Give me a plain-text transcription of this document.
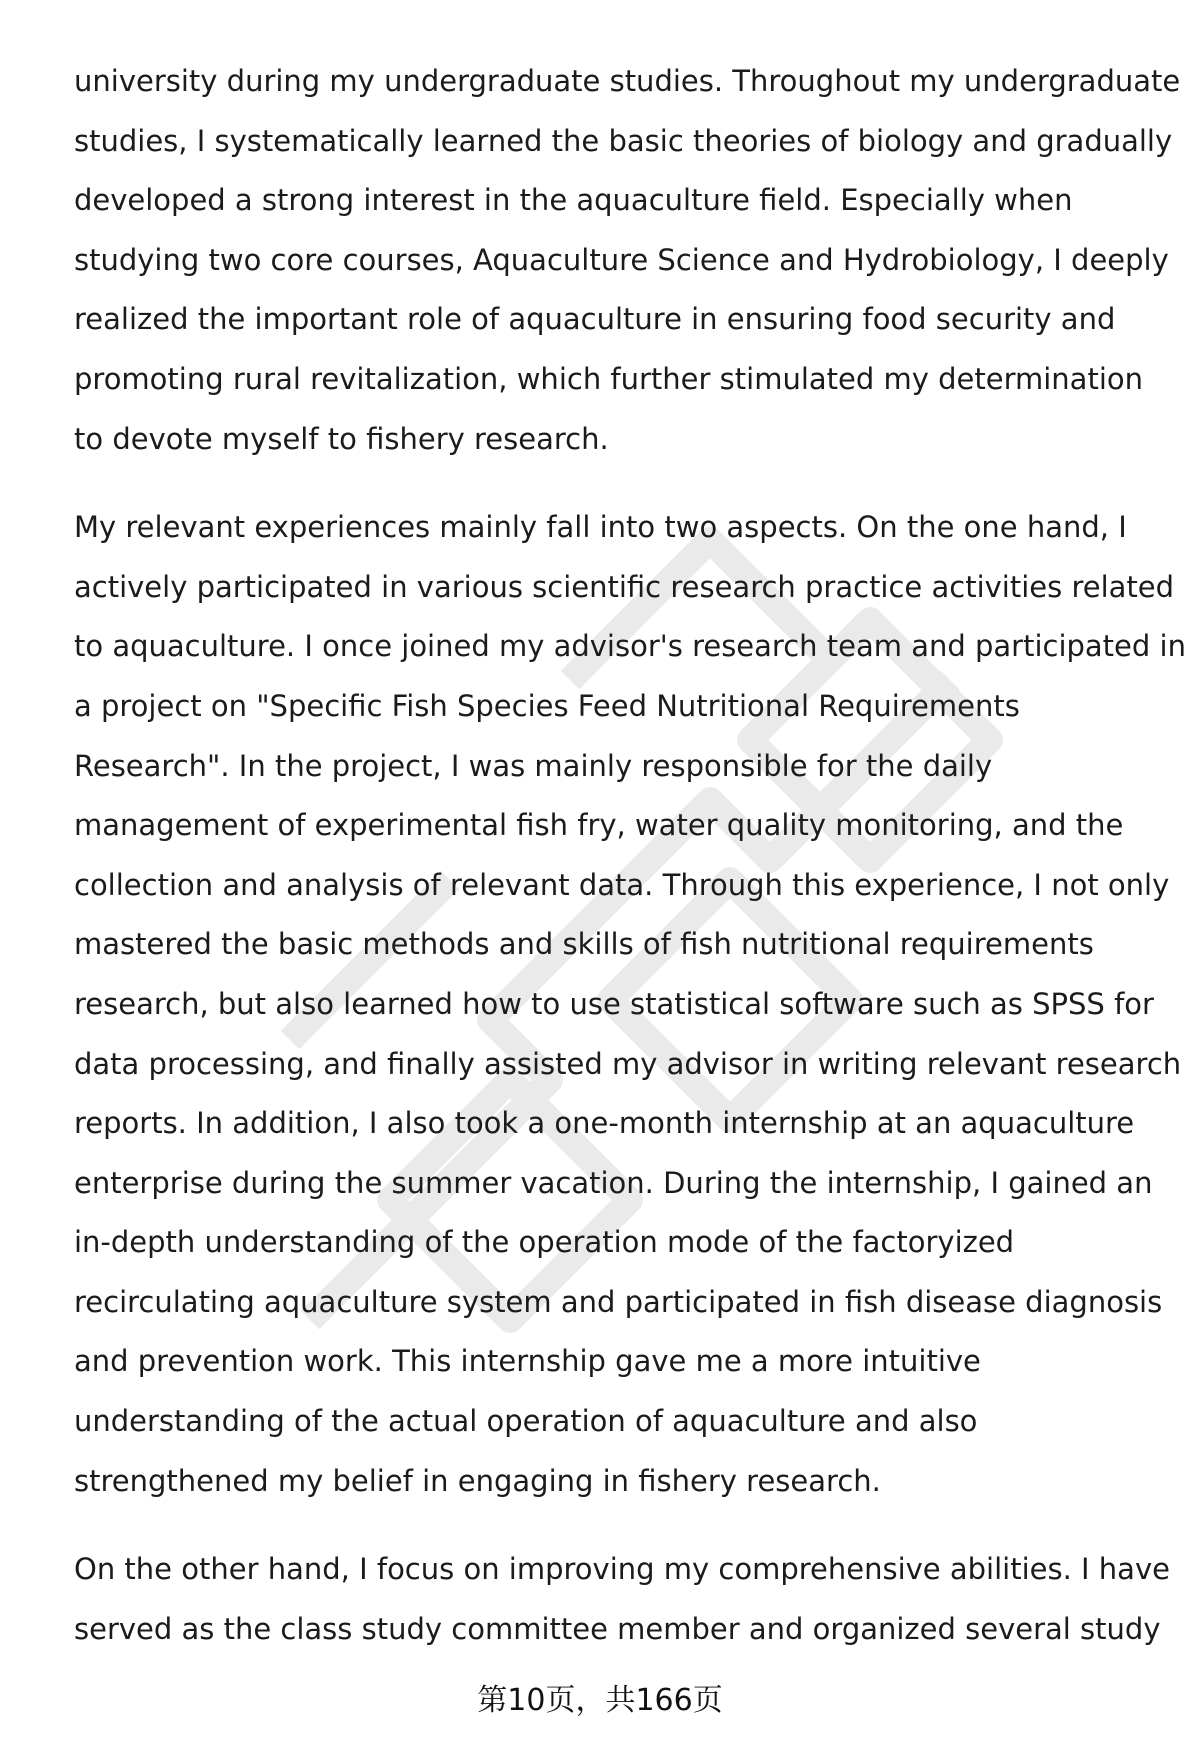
university during my undergraduate studies. Throughout my undergraduate
studies, I systematically learned the basic theories of biology and gradually
developed a strong interest in the aquaculture field. Especially when
studying two core courses, Aquaculture Science and Hydrobiology, I deeply
realized the important role of aquaculture in ensuring food security and
promoting rural revitalization, which further stimulated my determination
to devote myself to fishery research.

My relevant experiences mainly fall into two aspects. On the one hand, I
actively participated in various scientific research practice activities related
to aquaculture. I once joined my advisor's research team and participated in
a project on "Specific Fish Species Feed Nutritional Requirements
Research". In the project, I was mainly responsible for the daily
management of experimental fish fry, water quality monitoring, and the
collection and analysis of relevant data. Through this experience, I not only
mastered the basic methods and skills of fish nutritional requirements
research, but also learned how to use statistical software such as SPSS for
data processing, and finally assisted my advisor in writing relevant research
reports. In addition, I also took a one-month internship at an aquaculture
enterprise during the summer vacation. During the internship, I gained an
in-depth understanding of the operation mode of the factoryized
recirculating aquaculture system and participated in fish disease diagnosis
and prevention work. This internship gave me a more intuitive
understanding of the actual operation of aquaculture and also
strengthened my belief in engaging in fishery research.

On the other hand, I focus on improving my comprehensive abilities. I have
served as the class study committee member and organized several study

第10页，共166页
